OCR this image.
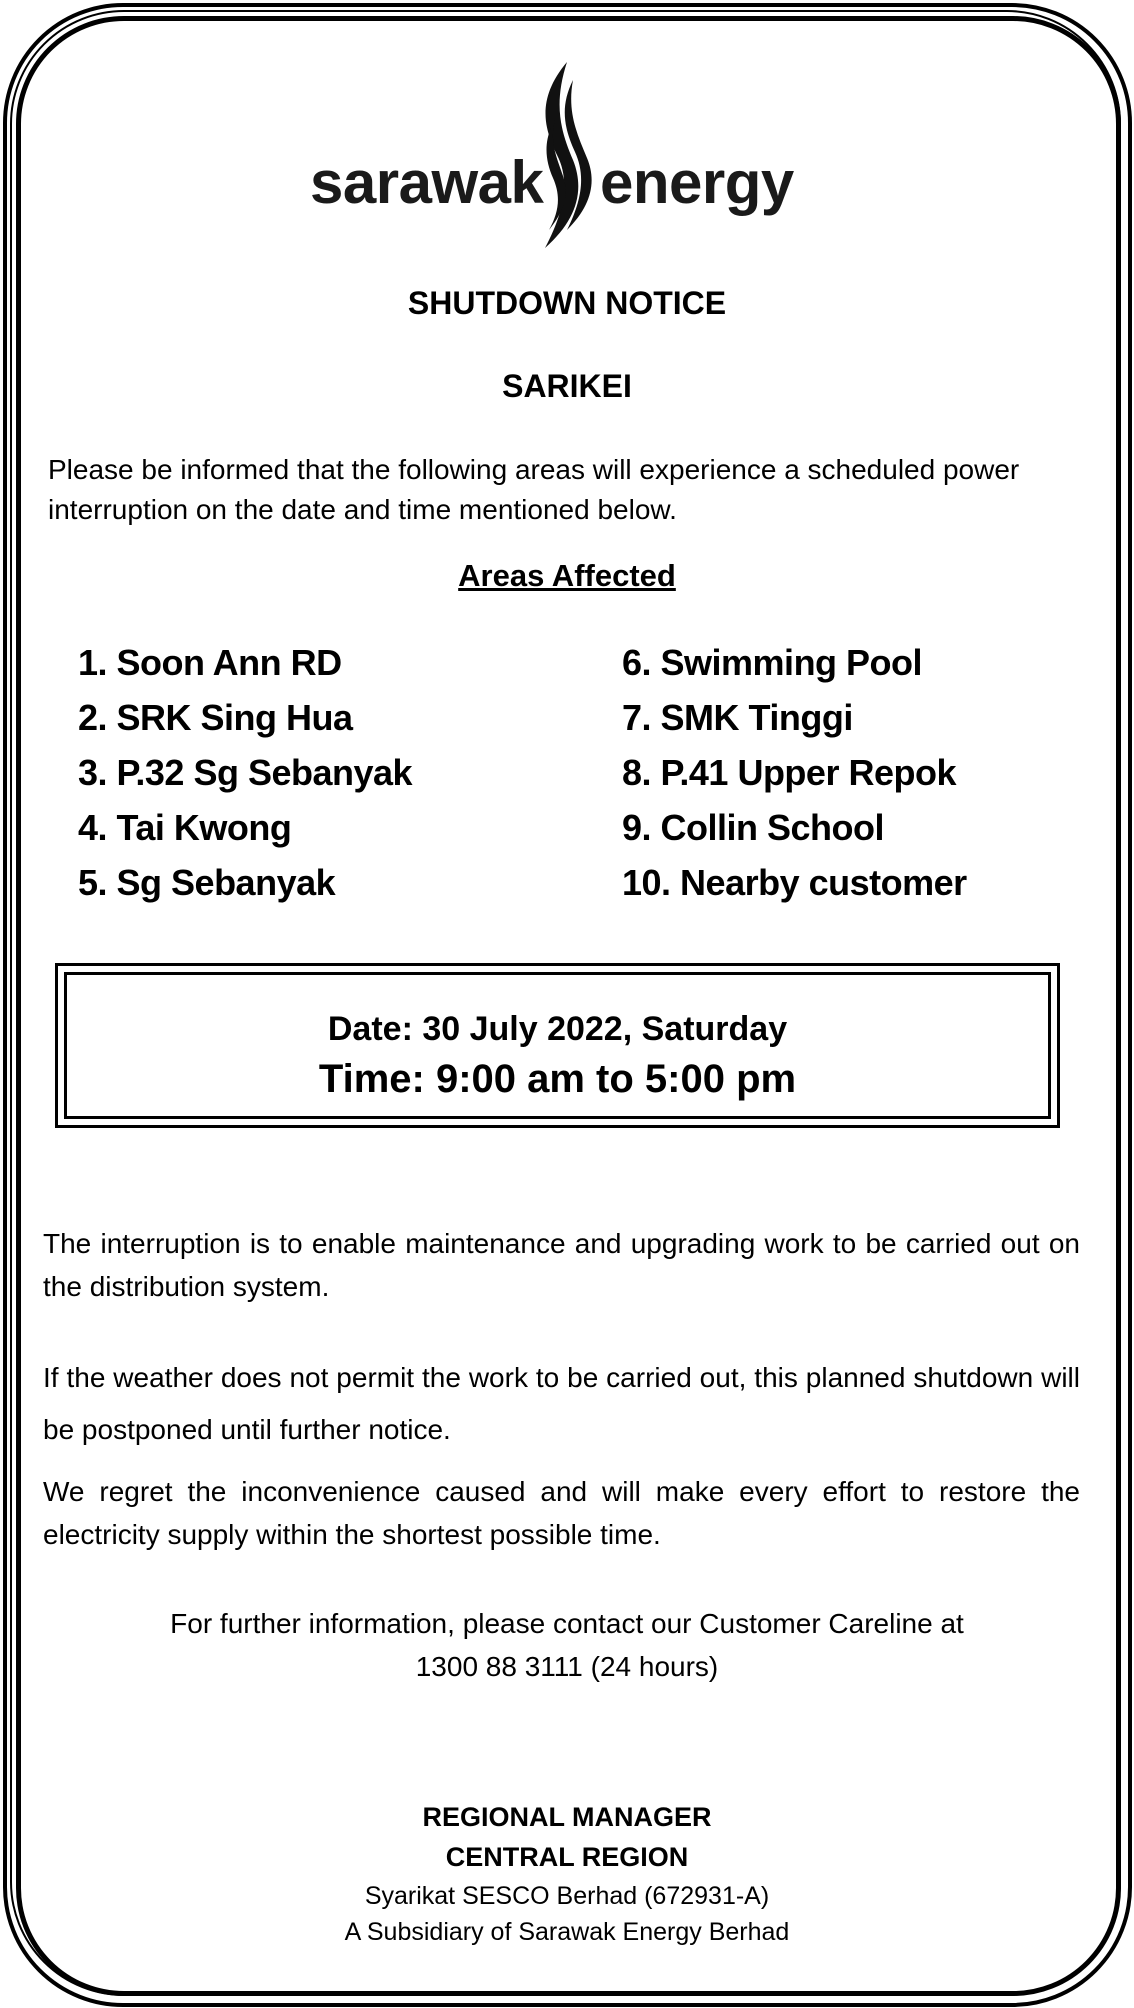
sarawak energy
SHUTDOWN NOTICE
SARIKEI
Please be informed that the following areas will experience a scheduled power interruption on the date and time mentioned below.
Areas Affected
1. Soon Ann RD
2. SRK Sing Hua
3. P.32 Sg Sebanyak
4. Tai Kwong
5. Sg Sebanyak
6. Swimming Pool
7. SMK Tinggi
8. P.41 Upper Repok
9. Collin School
10. Nearby customer
Date: 30 July 2022, Saturday
Time: 9:00 am to 5:00 pm
The interruption is to enable maintenance and upgrading work to be carried out on the distribution system.
If the weather does not permit the work to be carried out, this planned shutdown will be postponed until further notice.
We regret the inconvenience caused and will make every effort to restore the electricity supply within the shortest possible time.
For further information, please contact our Customer Careline at
1300 88 3111 (24 hours)
REGIONAL MANAGER
CENTRAL REGION
Syarikat SESCO Berhad (672931-A)
A Subsidiary of Sarawak Energy Berhad
